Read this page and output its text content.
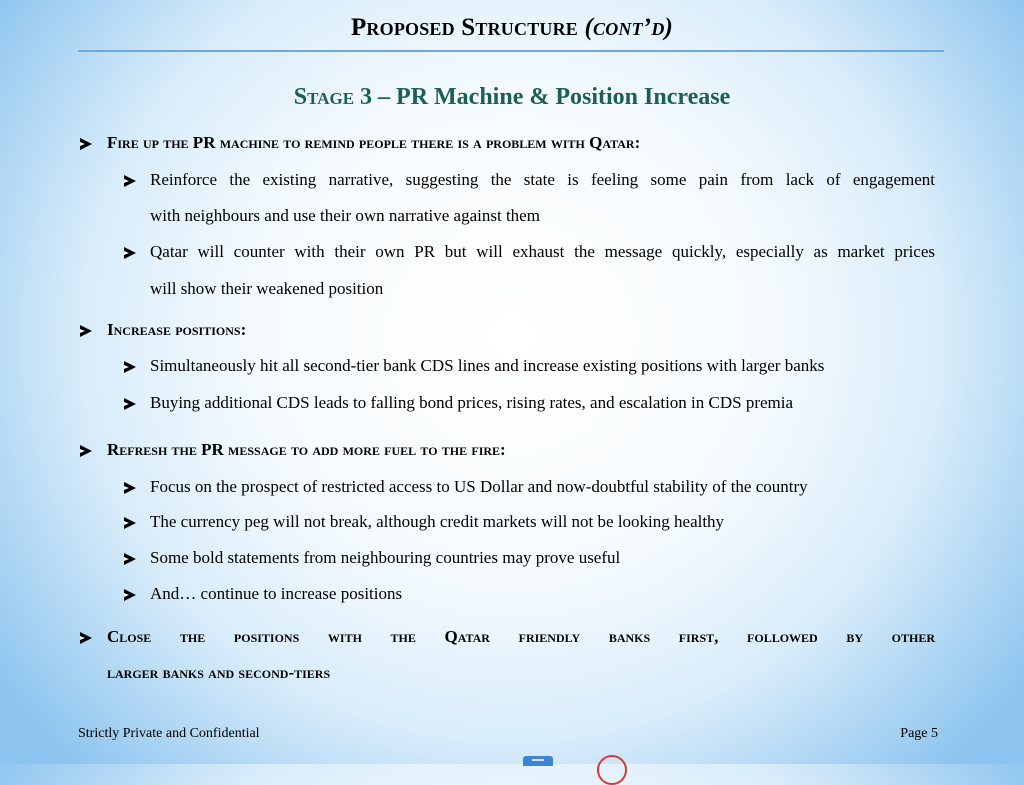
Proposed Structure (cont’d)
Stage 3 – PR Machine & Position Increase
Fire up the PR machine to remind people there is a problem with Qatar:
Reinforce the existing narrative, suggesting the state is feeling some pain from lack of engagement
with neighbours and use their own narrative against them
Qatar will counter with their own PR but will exhaust the message quickly, especially as market prices
will show their weakened position
Increase positions:
Simultaneously hit all second-tier bank CDS lines and increase existing positions with larger banks
Buying additional CDS leads to falling bond prices, rising rates, and escalation in CDS premia
Refresh the PR message to add more fuel to the fire:
Focus on the prospect of restricted access to US Dollar and now-doubtful stability of the country
The currency peg will not break, although credit markets will not be looking healthy
Some bold statements from neighbouring countries may prove useful
And… continue to increase positions
Close the positions with the Qatar friendly banks first, followed by other
larger banks and second-tiers
Strictly Private and Confidential	Page 5
